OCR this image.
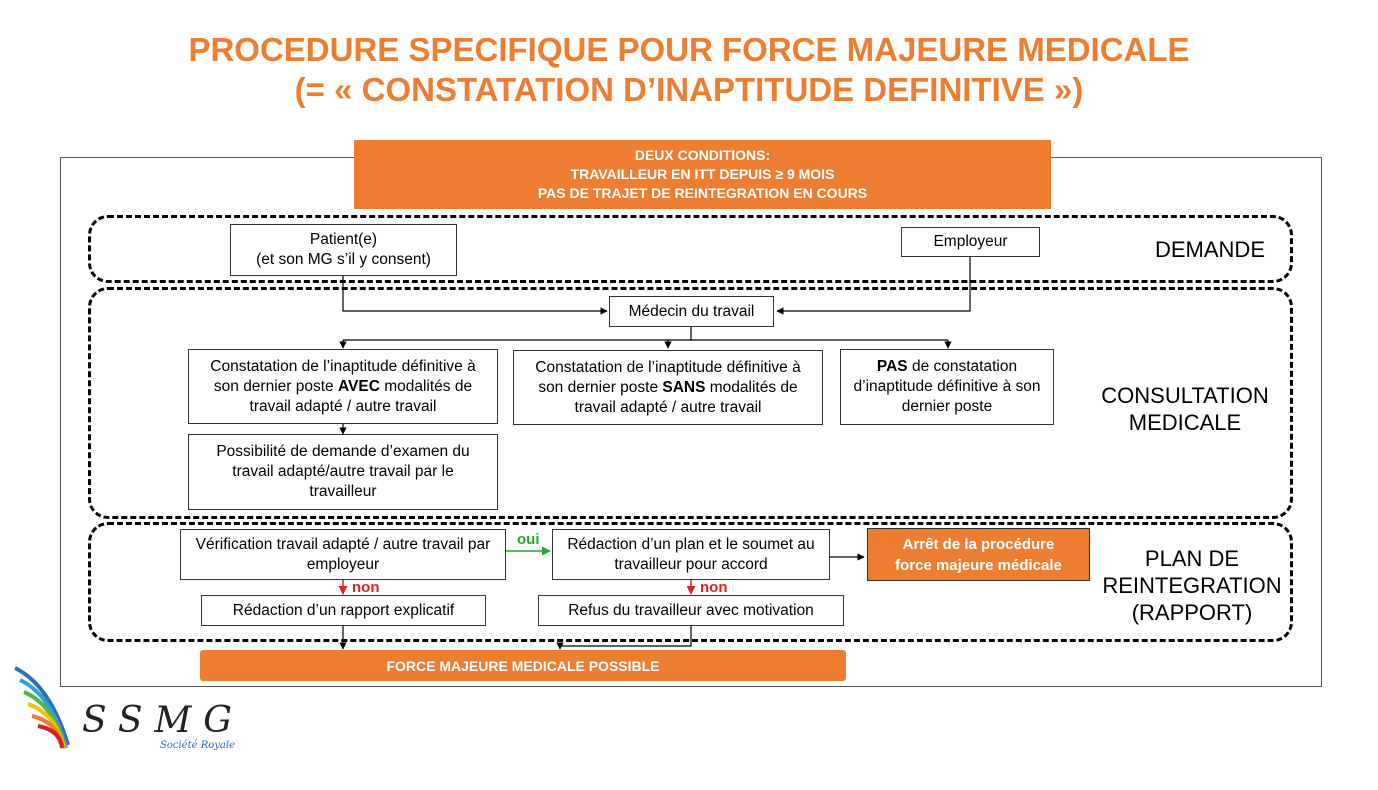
PROCEDURE SPECIFIQUE POUR FORCE MAJEURE MEDICALE
(= « CONSTATATION D’INAPTITUDE DEFINITIVE »)
DEUX CONDITIONS:
TRAVAILLEUR EN ITT DEPUIS ≥ 9 MOIS
PAS DE TRAJET DE REINTEGRATION EN COURS
DEMANDE
CONSULTATION
MEDICALE
PLAN DE
REINTEGRATION
(RAPPORT)
Patient(e)
(et son MG s’il y consent)
Employeur
Médecin du travail
Constatation de l’inaptitude définitive à son dernier poste AVEC modalités de travail adapté / autre travail
Constatation de l’inaptitude définitive à son dernier poste SANS modalités de travail adapté / autre travail
PAS de constatation d’inaptitude définitive à son dernier poste
Possibilité de demande d’examen du travail adapté/autre travail par le travailleur
Vérification travail adapté / autre travail par employeur
Rédaction d’un plan et le soumet au travailleur pour accord
Arrêt de la procédure
force majeure médicale
Rédaction d’un rapport explicatif	Refus du travailleur avec motivation
FORCE MAJEURE MEDICALE POSSIBLE
oui
non	non
SSMG
Société Royale
